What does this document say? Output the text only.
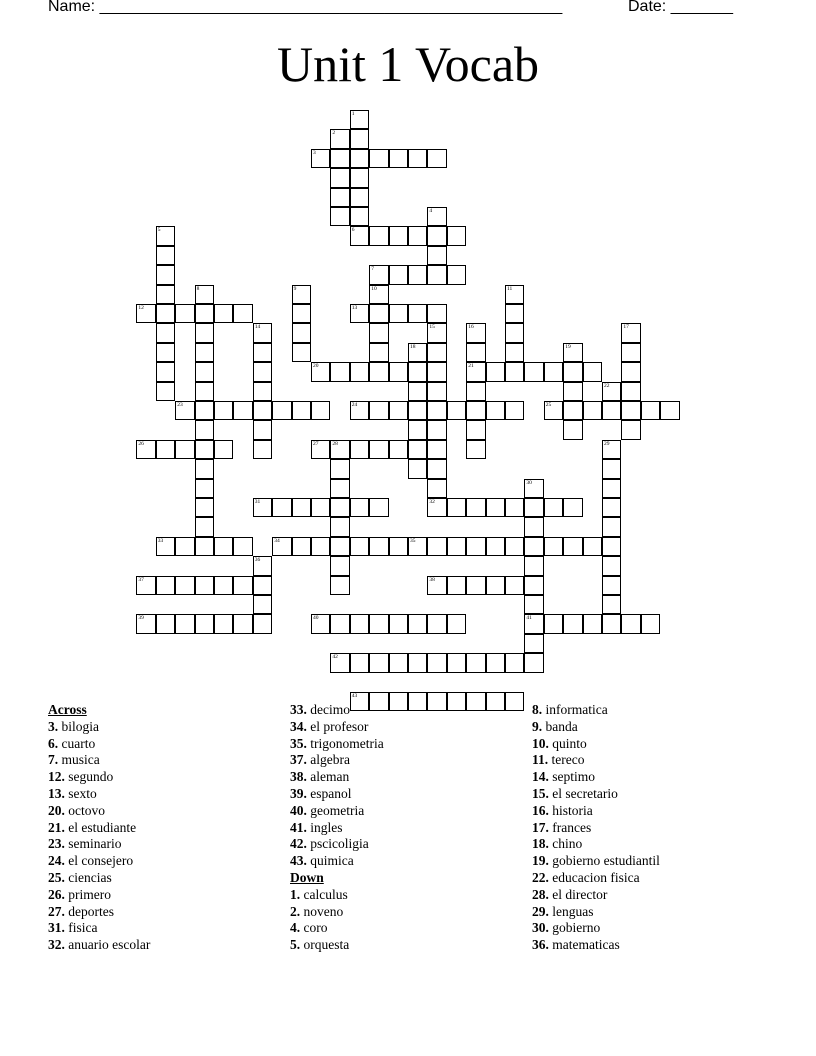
Name: ____________________________________________________	Date: _______
Unit 1 Vocab
1
6
2
3
4
5
7
8	9	10	11
12	13
14	15	16
21
17
18	19
20
22
23	24	25
26	27	28	29
30
41
31	32
33	34	35
36
37	38
39	40
42
43
Across
3. bilogia
6. cuarto
7. musica
12. segundo
13. sexto
20. octovo
21. el estudiante
23. seminario
24. el consejero
25. ciencias
26. primero
27. deportes
31. fisica
32. anuario escolar
33. decimo
34. el profesor
35. trigonometria
37. algebra
38. aleman
39. espanol
40. geometria
41. ingles
42. pscicoligia
43. quimica
Down
1. calculus
2. noveno
4. coro
5. orquesta
8. informatica
9. banda
10. quinto
11. tereco
14. septimo
15. el secretario
16. historia
17. frances
18. chino
19. gobierno estudiantil
22. educacion fisica
28. el director
29. lenguas
30. gobierno
36. matematicas
